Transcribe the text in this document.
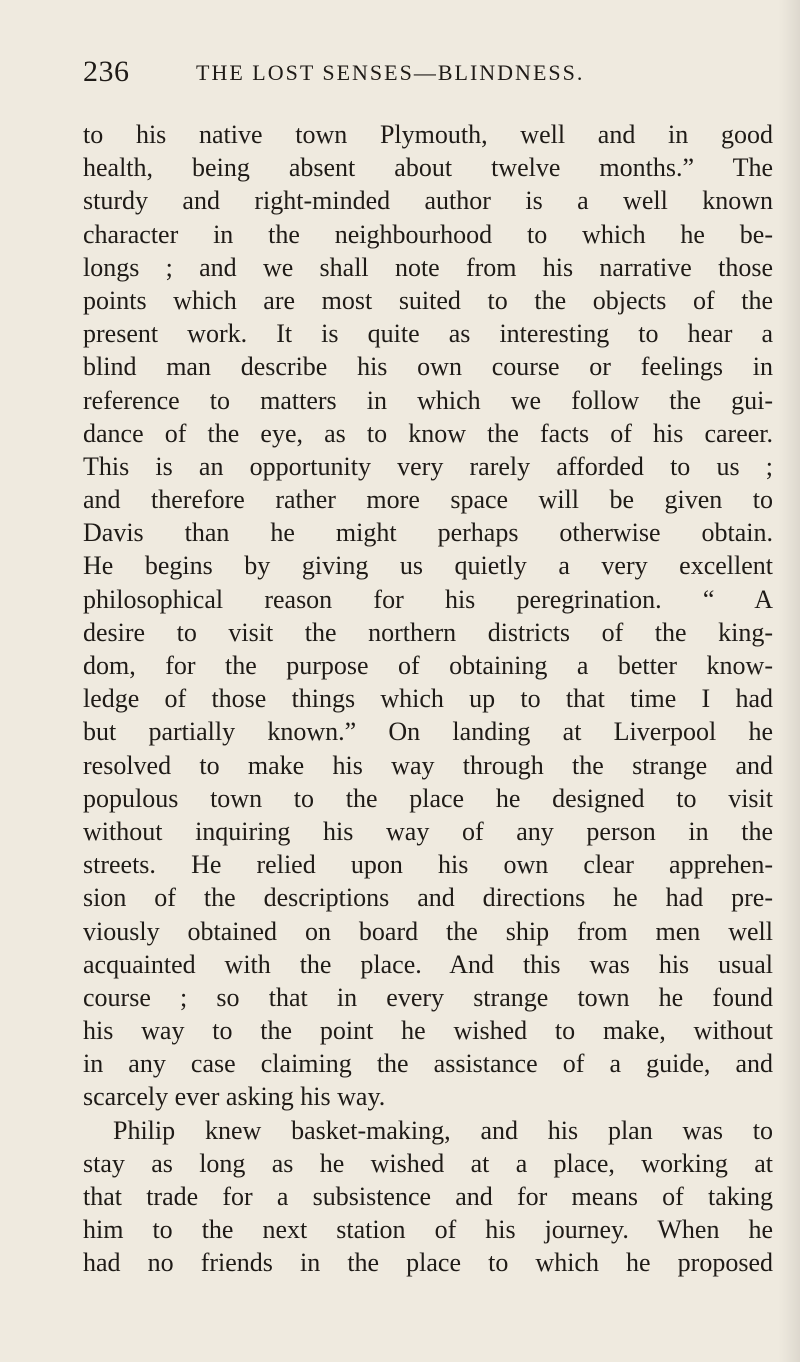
236	THE LOST SENSES—BLINDNESS.
to his native town Plymouth, well and in good
health, being absent about twelve months.” The
sturdy and right-minded author is a well known
character in the neighbourhood to which he be-
longs ; and we shall note from his narrative those
points which are most suited to the objects of the
present work. It is quite as interesting to hear a
blind man describe his own course or feelings in
reference to matters in which we follow the gui-
dance of the eye, as to know the facts of his career.
This is an opportunity very rarely afforded to us ;
and therefore rather more space will be given to
Davis than he might perhaps otherwise obtain.
He begins by giving us quietly a very excellent
philosophical reason for his peregrination. “ A
desire to visit the northern districts of the king-
dom, for the purpose of obtaining a better know-
ledge of those things which up to that time I had
but partially known.” On landing at Liverpool he
resolved to make his way through the strange and
populous town to the place he designed to visit
without inquiring his way of any person in the
streets. He relied upon his own clear apprehen-
sion of the descriptions and directions he had pre-
viously obtained on board the ship from men well
acquainted with the place. And this was his usual
course ; so that in every strange town he found
his way to the point he wished to make, without
in any case claiming the assistance of a guide, and
scarcely ever asking his way.
Philip knew basket-making, and his plan was to
stay as long as he wished at a place, working at
that trade for a subsistence and for means of taking
him to the next station of his journey. When he
had no friends in the place to which he proposed
